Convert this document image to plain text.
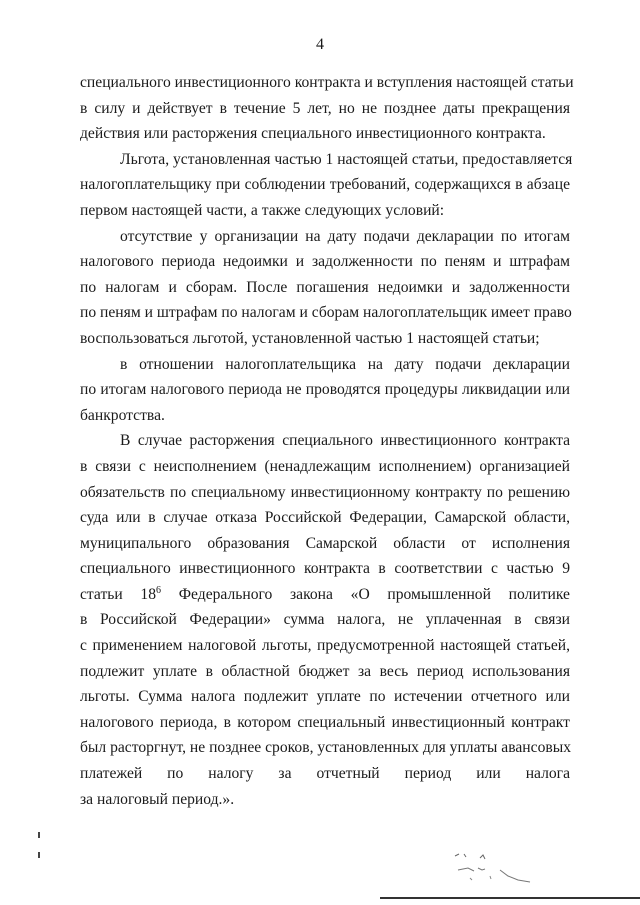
4

специального инвестиционного контракта и вступления настоящей статьи
в силу и действует в течение 5 лет, но не позднее даты прекращения
действия или расторжения специального инвестиционного контракта.

Льгота, установленная частью 1 настоящей статьи, предоставляется
налогоплательщику при соблюдении требований, содержащихся в абзаце
первом настоящей части, а также следующих условий:

отсутствие у организации на дату подачи декларации по итогам
налогового периода недоимки и задолженности по пеням и штрафам
по налогам и сборам. После погашения недоимки и задолженности
по пеням и штрафам по налогам и сборам налогоплательщик имеет право
воспользоваться льготой, установленной частью 1 настоящей статьи;

в отношении налогоплательщика на дату подачи декларации
по итогам налогового периода не проводятся процедуры ликвидации или
банкротства.

В случае расторжения специального инвестиционного контракта
в связи с неисполнением (ненадлежащим исполнением) организацией
обязательств по специальному инвестиционному контракту по решению
суда или в случае отказа Российской Федерации, Самарской области,
муниципального образования Самарской области от исполнения
специального инвестиционного контракта в соответствии с частью 9
статьи $18^6$ Федерального закона «О промышленной политике
в Российской Федерации» сумма налога, не уплаченная в связи
с применением налоговой льготы, предусмотренной настоящей статьей,
подлежит уплате в областной бюджет за весь период использования
льготы. Сумма налога подлежит уплате по истечении отчетного или
налогового периода, в котором специальный инвестиционный контракт
был расторгнут, не позднее сроков, установленных для уплаты авансовых
платежей по налогу за отчетный период или налога
за налоговый период.».
